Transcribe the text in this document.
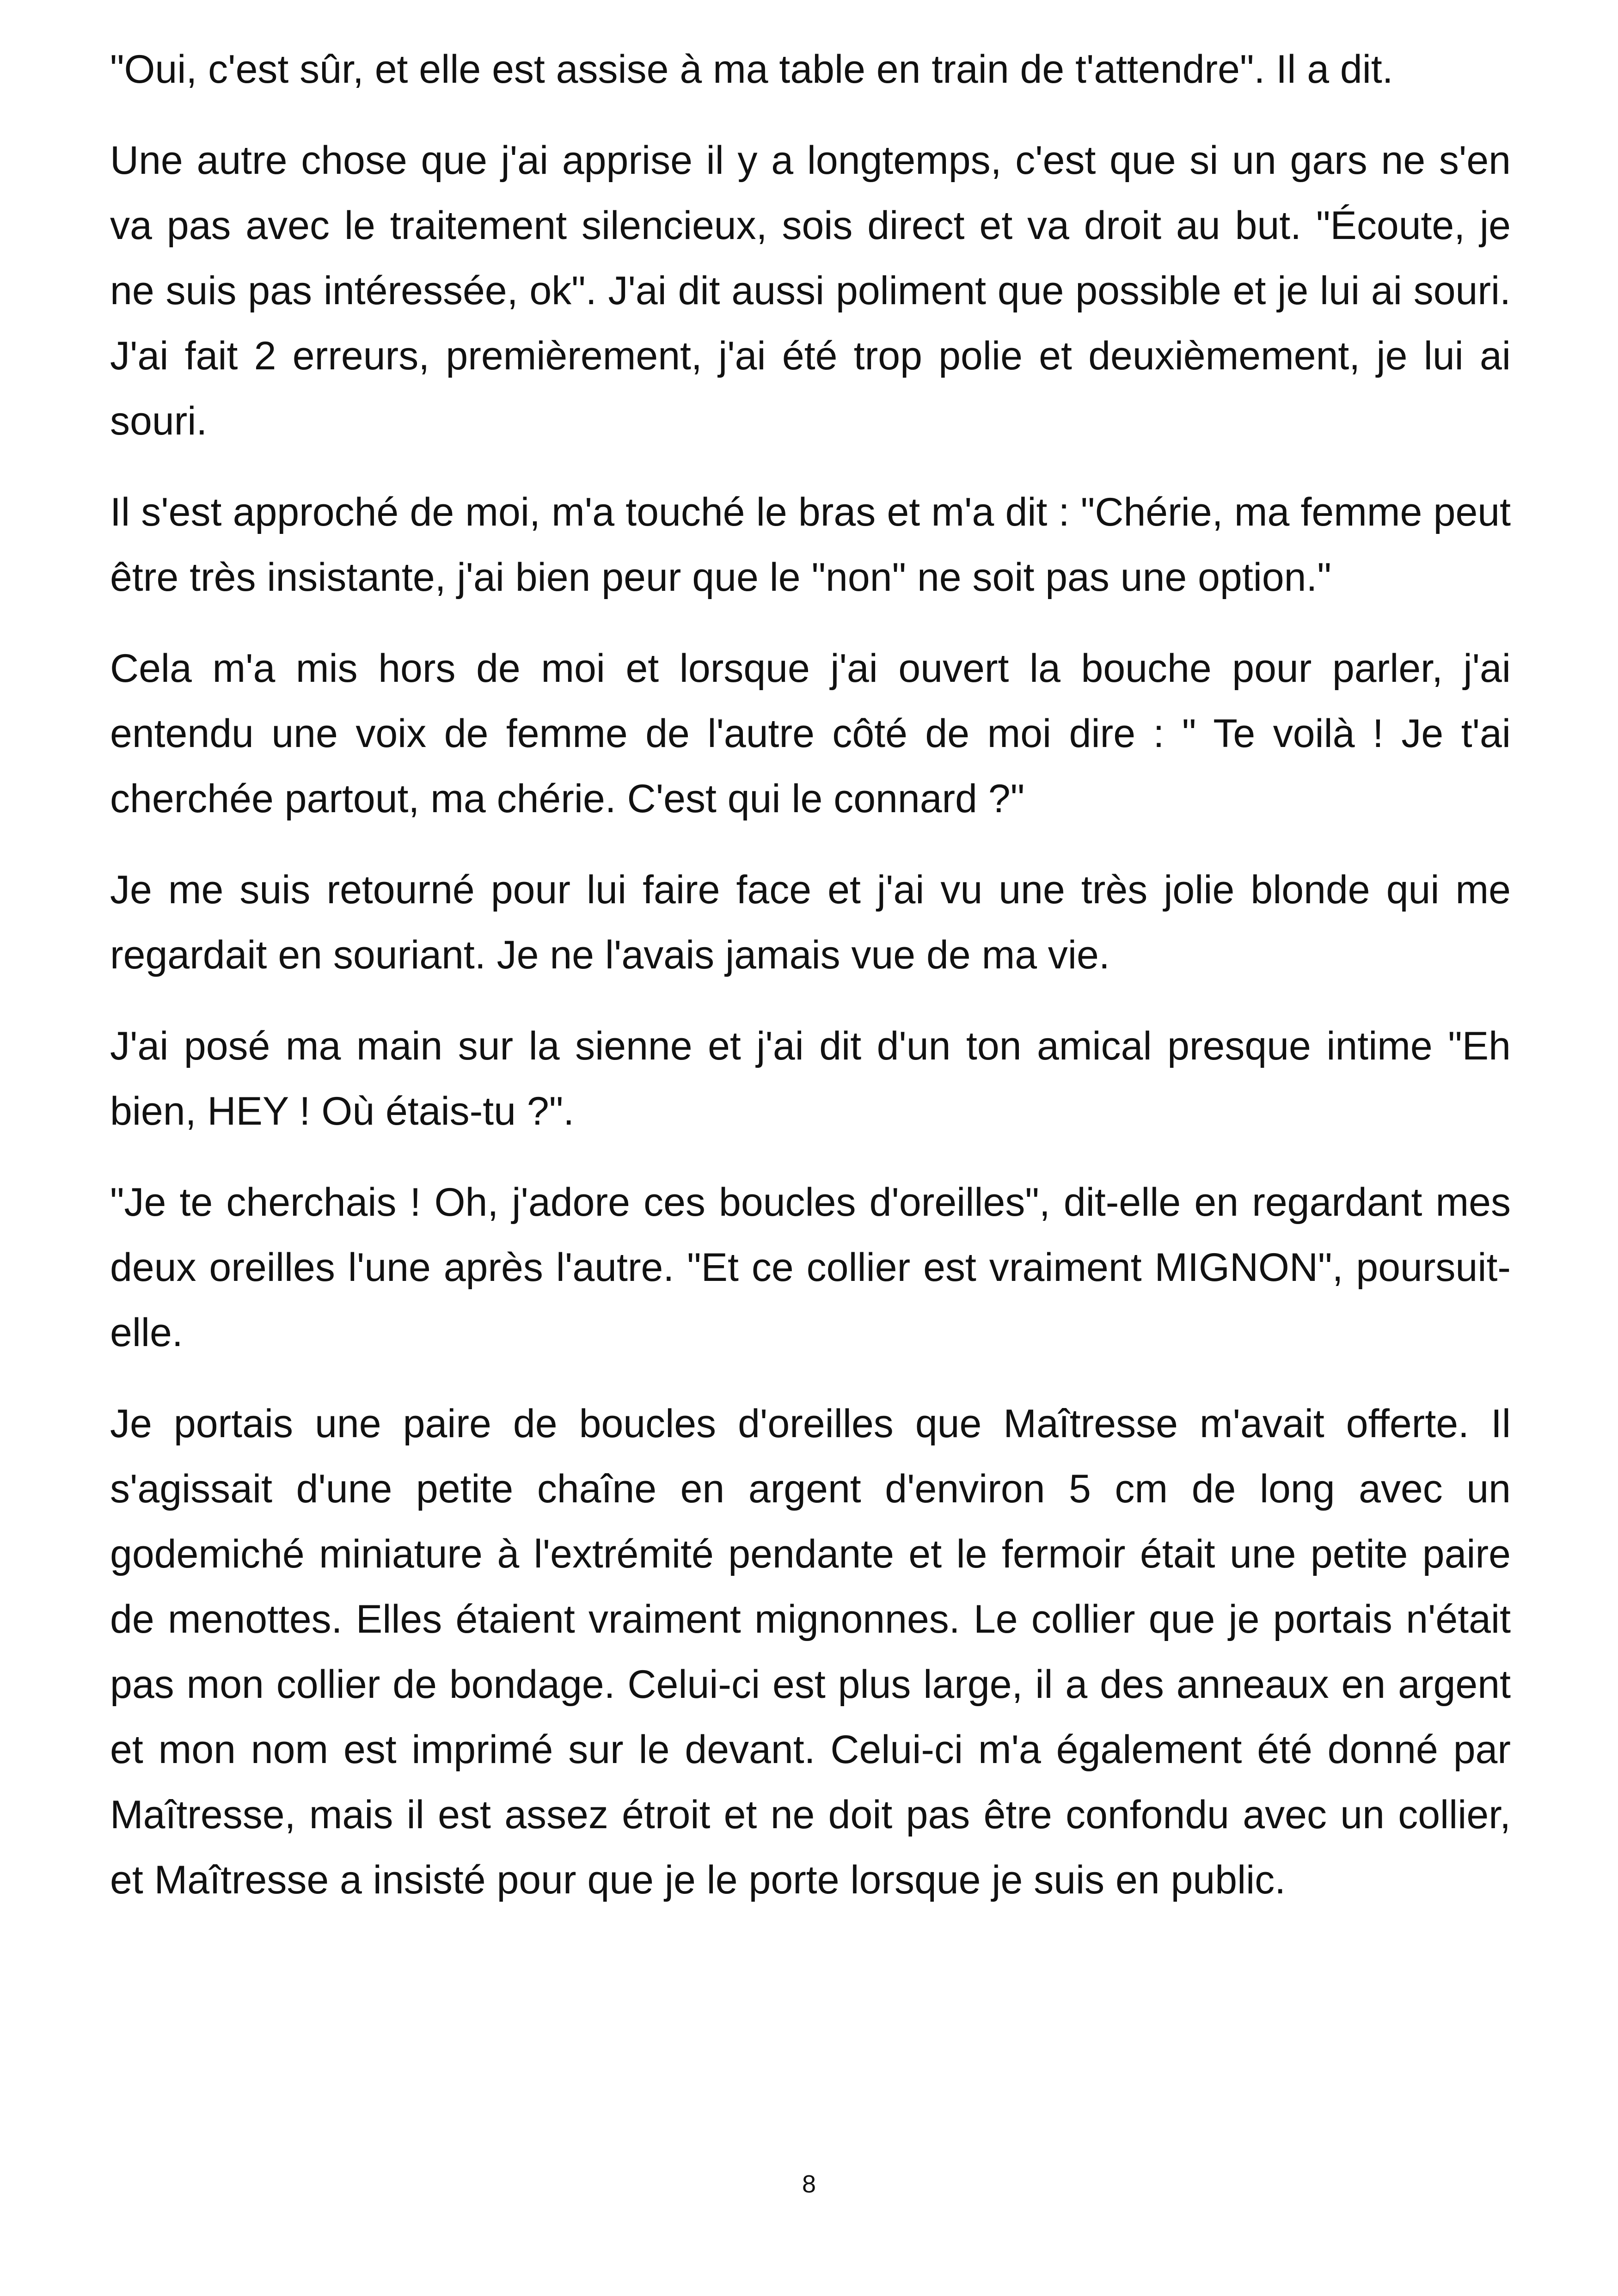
"Oui, c'est sûr, et elle est assise à ma table en train de t'attendre". Il a dit.

Une autre chose que j'ai apprise il y a longtemps, c'est que si un gars ne s'en va pas avec le traitement silencieux, sois direct et va droit au but. "Écoute, je ne suis pas intéressée, ok". J'ai dit aussi poliment que possible et je lui ai souri. J'ai fait 2 erreurs, premièrement, j'ai été trop polie et deuxièmement, je lui ai souri.

Il s'est approché de moi, m'a touché le bras et m'a dit : "Chérie, ma femme peut être très insistante, j'ai bien peur que le "non" ne soit pas une option."

Cela m'a mis hors de moi et lorsque j'ai ouvert la bouche pour parler, j'ai entendu une voix de femme de l'autre côté de moi dire : " Te voilà ! Je t'ai cherchée partout, ma chérie. C'est qui le connard ?"

Je me suis retourné pour lui faire face et j'ai vu une très jolie blonde qui me regardait en souriant. Je ne l'avais jamais vue de ma vie.

J'ai posé ma main sur la sienne et j'ai dit d'un ton amical presque intime "Eh bien, HEY ! Où étais-tu ?".

"Je te cherchais ! Oh, j'adore ces boucles d'oreilles", dit-elle en regardant mes deux oreilles l'une après l'autre. "Et ce collier est vraiment MIGNON", poursuit-elle.

Je portais une paire de boucles d'oreilles que Maîtresse m'avait offerte. Il s'agissait d'une petite chaîne en argent d'environ 5 cm de long avec un godemiché miniature à l'extrémité pendante et le fermoir était une petite paire de menottes. Elles étaient vraiment mignonnes. Le collier que je portais n'était pas mon collier de bondage. Celui-ci est plus large, il a des anneaux en argent et mon nom est imprimé sur le devant. Celui-ci m'a également été donné par Maîtresse, mais il est assez étroit et ne doit pas être confondu avec un collier, et Maîtresse a insisté pour que je le porte lorsque je suis en public.

8
